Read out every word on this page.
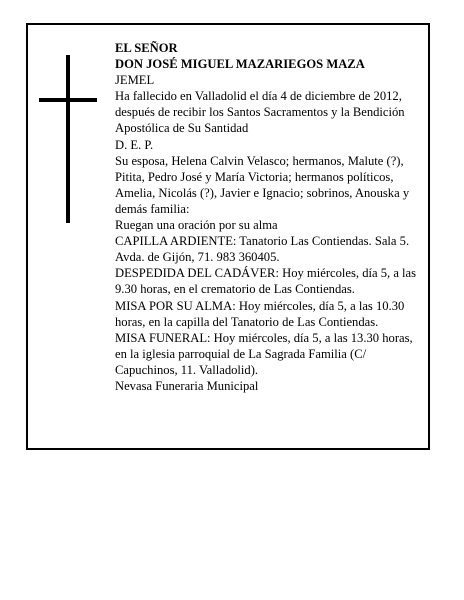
EL SEÑOR

DON JOSÉ MIGUEL MAZARIEGOS MAZA

JEMEL

Ha fallecido en Valladolid el día 4 de diciembre de 2012, después de recibir los Santos Sacramentos y la Bendición Apostólica de Su Santidad

D. E. P.

Su esposa, Helena Calvin Velasco; hermanos, Malute (?), Pitita, Pedro José y María Victoria; hermanos políticos, Amelia, Nicolás (?), Javier e Ignacio; sobrinos, Anouska y demás familia:

Ruegan una oración por su alma

CAPILLA ARDIENTE: Tanatorio Las Contiendas. Sala 5. Avda. de Gijón, 71. 983 360405.

DESPEDIDA DEL CADÁVER: Hoy miércoles, día 5, a las 9.30 horas, en el crematorio de Las Contiendas.

MISA POR SU ALMA: Hoy miércoles, día 5, a las 10.30 horas, en la capilla del Tanatorio de Las Contiendas.

MISA FUNERAL: Hoy miércoles, día 5, a las 13.30 horas, en la iglesia parroquial de La Sagrada Familia (C/ Capuchinos, 11. Valladolid).

Nevasa Funeraria Municipal
